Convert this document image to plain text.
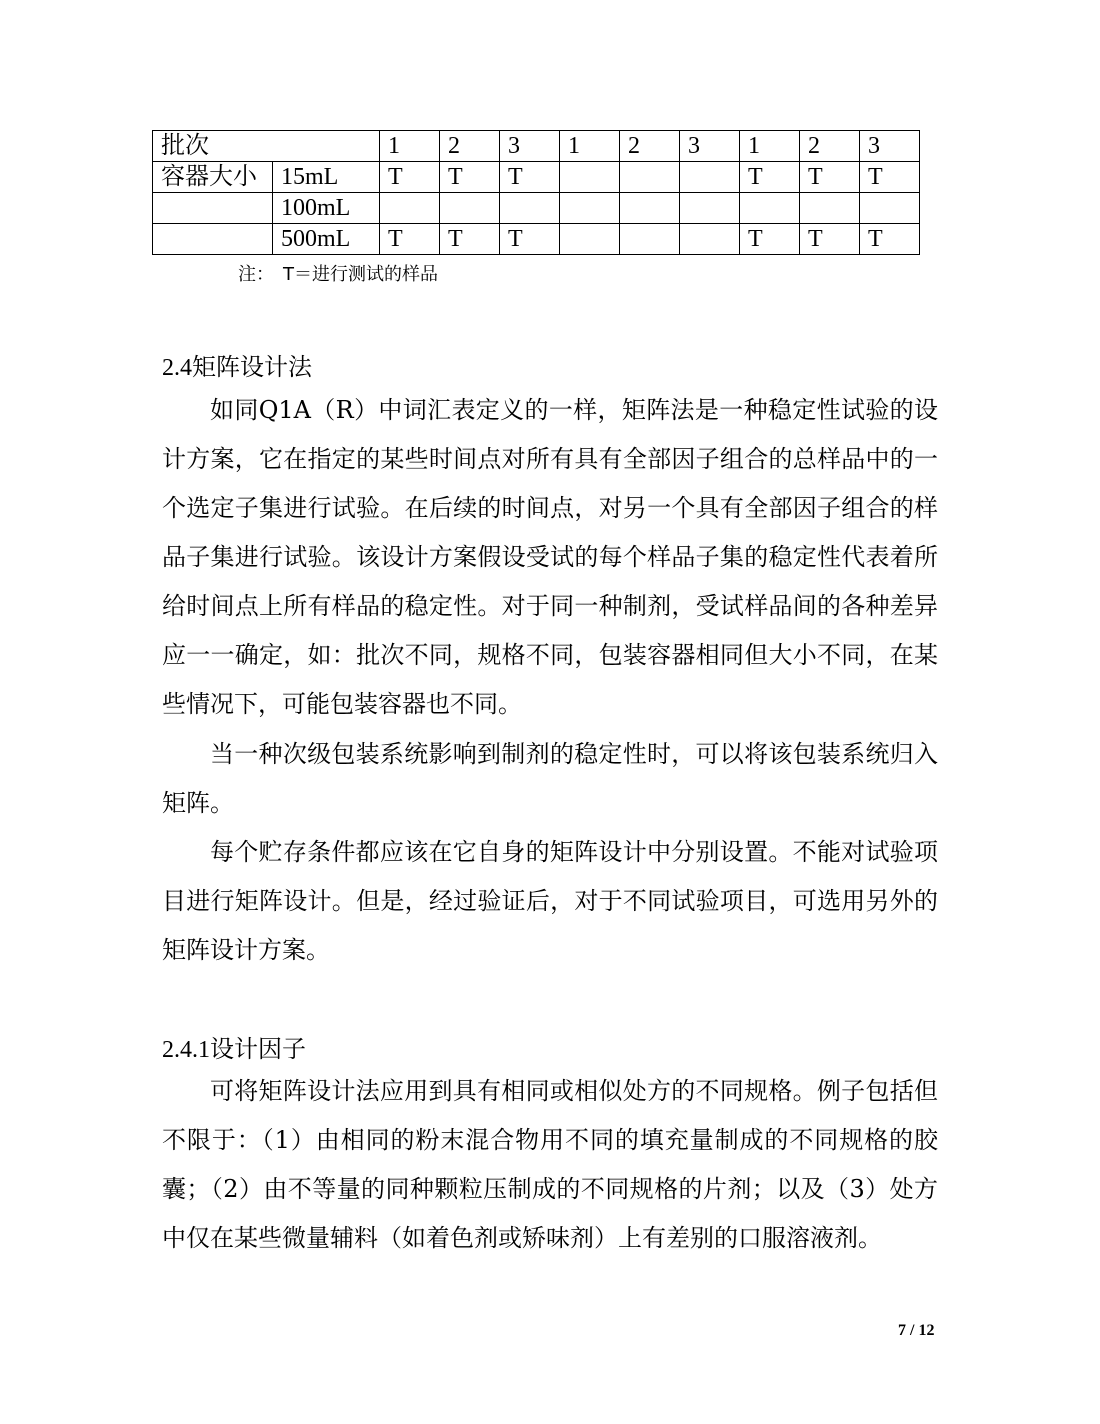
批次		1	2	3	1	2	3	1	2	3
容器大小	15mL	T	T	T				T	T	T
	100mL									
	500mL	T	T	T				T	T	T
注：　T＝进行测试的样品
2.4矩阵设计法

如同Q1A（R）中词汇表定义的一样，矩阵法是一种稳定性试验的设计方案，它在指定的某些时间点对所有具有全部因子组合的总样品中的一个选定子集进行试验。在后续的时间点，对另一个具有全部因子组合的样品子集进行试验。该设计方案假设受试的每个样品子集的稳定性代表着所给时间点上所有样品的稳定性。对于同一种制剂，受试样品间的各种差异应一一确定，如：批次不同，规格不同，包装容器相同但大小不同，在某些情况下，可能包装容器也不同。

当一种次级包装系统影响到制剂的稳定性时，可以将该包装系统归入矩阵。

每个贮存条件都应该在它自身的矩阵设计中分别设置。不能对试验项目进行矩阵设计。但是，经过验证后，对于不同试验项目，可选用另外的矩阵设计方案。

2.4.1设计因子

可将矩阵设计法应用到具有相同或相似处方的不同规格。例子包括但不限于：（1）由相同的粉末混合物用不同的填充量制成的不同规格的胶囊；（2）由不等量的同种颗粒压制成的不同规格的片剂；以及（3）处方中仅在某些微量辅料（如着色剂或矫味剂）上有差别的口服溶液剂。

7 / 12
